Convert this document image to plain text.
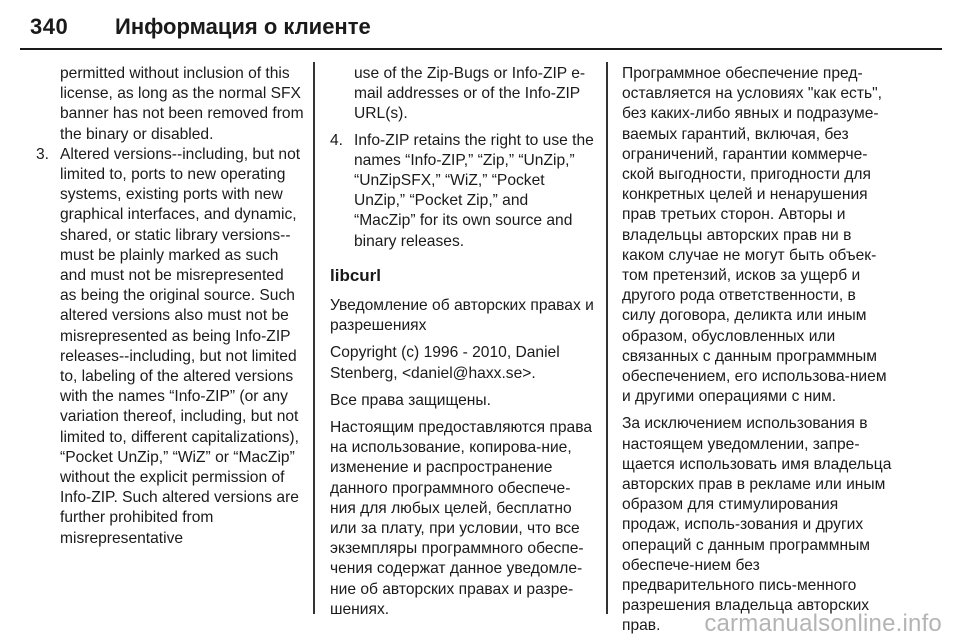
340 Информация о клиенте

permitted without inclusion of this license, as long as the normal SFX banner has not been removed from the binary or disabled.

3. Altered versions--including, but not limited to, ports to new operating systems, existing ports with new graphical interfaces, and dynamic, shared, or static library versions--must be plainly marked as such and must not be misrepresented as being the original source. Such altered versions also must not be misrepresented as being Info-ZIP releases--including, but not limited to, labeling of the altered versions with the names “Info-ZIP” (or any variation thereof, including, but not limited to, different capitalizations), “Pocket UnZip,” “WiZ” or “MacZip” without the explicit permission of Info-ZIP. Such altered versions are further prohibited from misrepresentative

use of the Zip-Bugs or Info-ZIP e-mail addresses or of the Info-ZIP URL(s).

4. Info-ZIP retains the right to use the names “Info-ZIP,” “Zip,” “UnZip,” “UnZipSFX,” “WiZ,” “Pocket UnZip,” “Pocket Zip,” and “MacZip” for its own source and binary releases.
libcurl

Уведомление об авторских правах и разрешениях

Copyright (c) 1996 - 2010, Daniel Stenberg, <daniel@haxx.se>.

Все права защищены.

Настоящим предоставляются права на использование, копирова-ние, изменение и распространение данного программного обеспече-ния для любых целей, бесплатно или за плату, при условии, что все экземпляры программного обеспе-чения содержат данное уведомле-ние об авторских правах и разре-шениях.

Программное обеспечение пред-оставляется на условиях "как есть", без каких-либо явных и подразуме-ваемых гарантий, включая, без ограничений, гарантии коммерче-ской выгодности, пригодности для конкретных целей и ненарушения прав третьих сторон. Авторы и владельцы авторских прав ни в каком случае не могут быть объек-том претензий, исков за ущерб и другого рода ответственности, в силу договора, деликта или иным образом, обусловленных или связанных с данным программным обеспечением, его использова-нием и другими операциями с ним.

За исключением использования в настоящем уведомлении, запре-щается использовать имя владельца авторских прав в рекламе или иным образом для стимулирования продаж, исполь-зования и других операций с данным программным обеспече-нием без предварительного пись-менного разрешения владельца авторских прав.	carmanualsonline.info
